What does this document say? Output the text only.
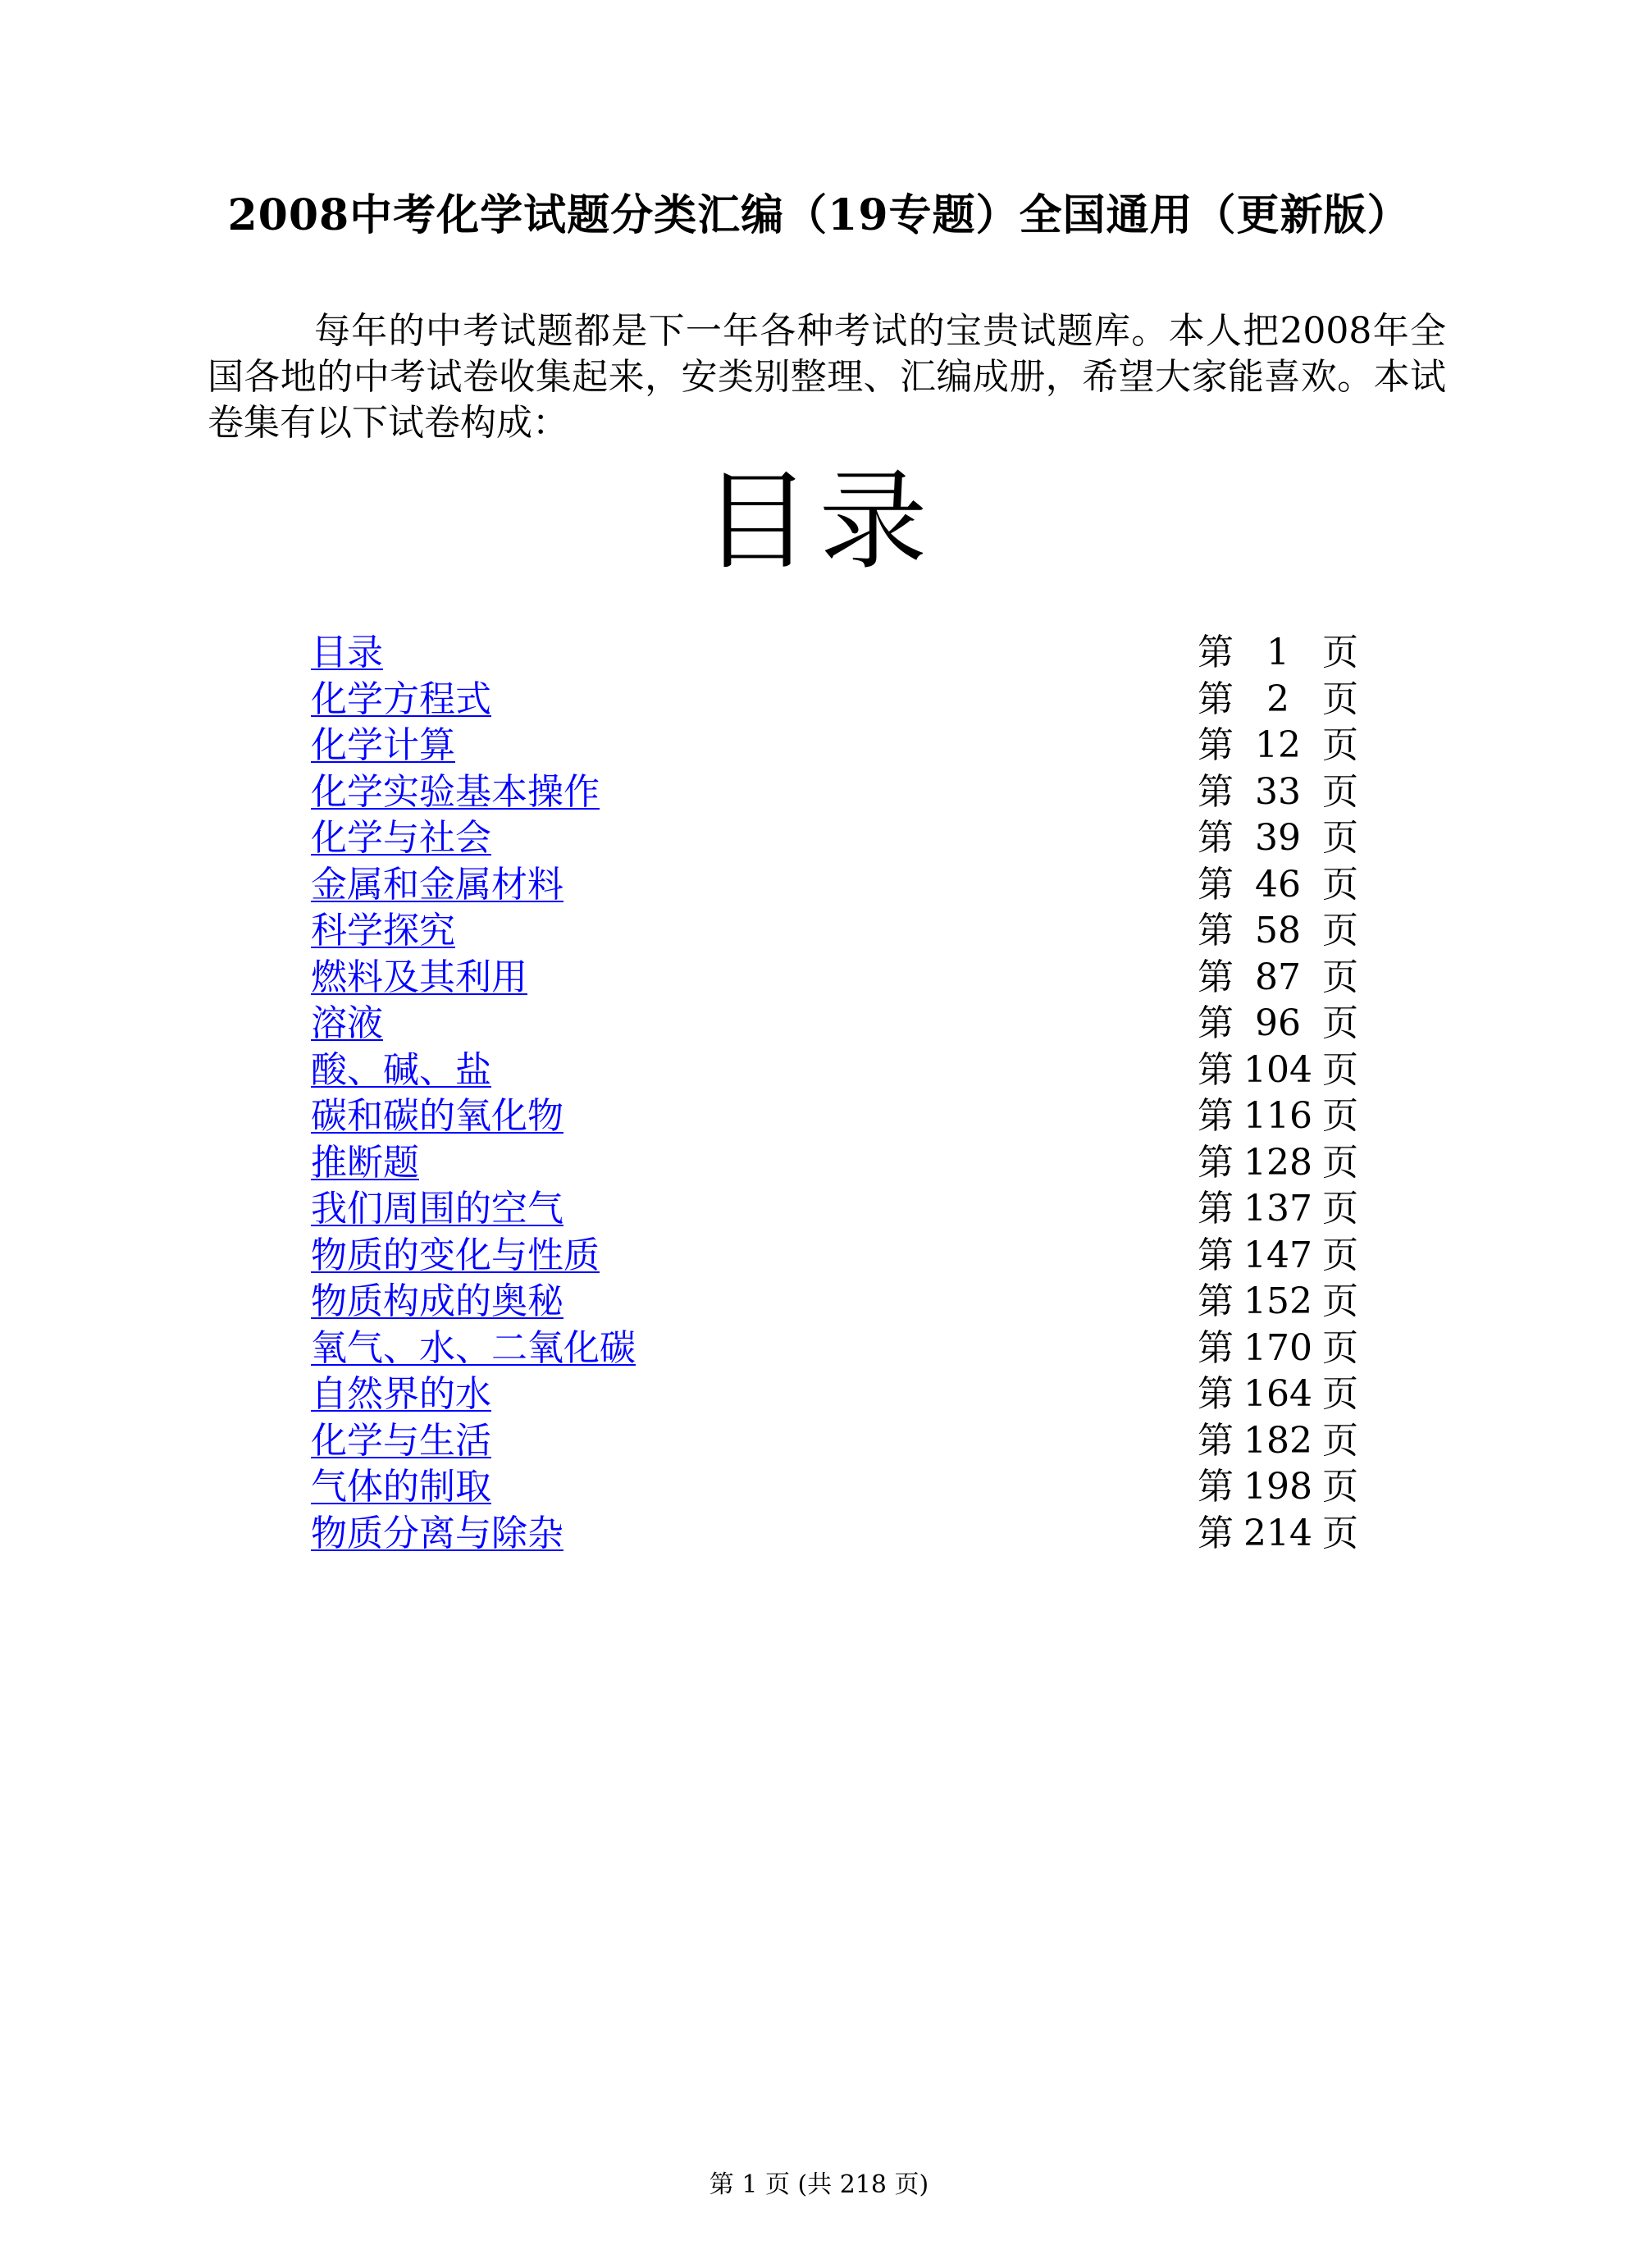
2008中考化学试题分类汇编（19专题）全国通用（更新版）
每年的中考试题都是下一年各种考试的宝贵试题库。本人把2008年全国各地的中考试卷收集起来，安类别整理、汇编成册，希望大家能喜欢。本试卷集有以下试卷构成：
目录
目录	第 1 页
化学方程式	第 2 页
化学计算	第 12 页
化学实验基本操作	第 33 页
化学与社会	第 39 页
金属和金属材料	第 46 页
科学探究	第 58 页
燃料及其利用	第 87 页
溶液	第 96 页
酸、碱、盐	第 104 页
碳和碳的氧化物	第 116 页
推断题	第 128 页
我们周围的空气	第 137 页
物质的变化与性质	第 147 页
物质构成的奥秘	第 152 页
氧气、水、二氧化碳	第 170 页
自然界的水	第 164 页
化学与生活	第 182 页
气体的制取	第 198 页
物质分离与除杂	第 214 页
第 1 页 (共 218 页)
